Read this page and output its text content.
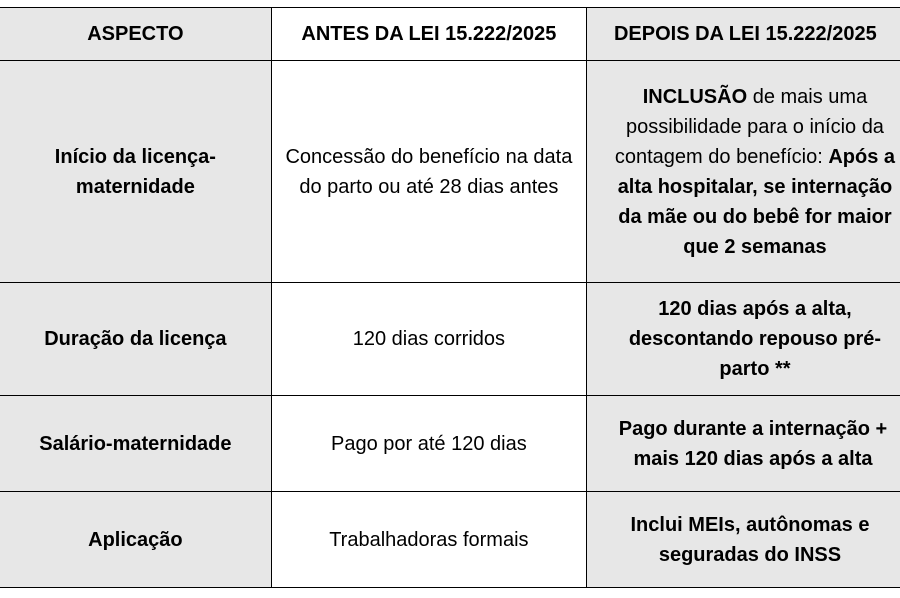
ASPECTO	ANTES DA LEI 15.222/2025	DEPOIS DA LEI 15.222/2025

Início da licença-maternidade	Concessão do benefício na data do parto ou até 28 dias antes	INCLUSÃO de mais uma possibilidade para o início da contagem do benefício: Após a alta hospitalar, se internação da mãe ou do bebê for maior que 2 semanas

Duração da licença	120 dias corridos	120 dias após a alta, descontando repouso pré-parto **

Salário-maternidade	Pago por até 120 dias	Pago durante a internação + mais 120 dias após a alta

Aplicação	Trabalhadoras formais	Inclui MEIs, autônomas e seguradas do INSS
